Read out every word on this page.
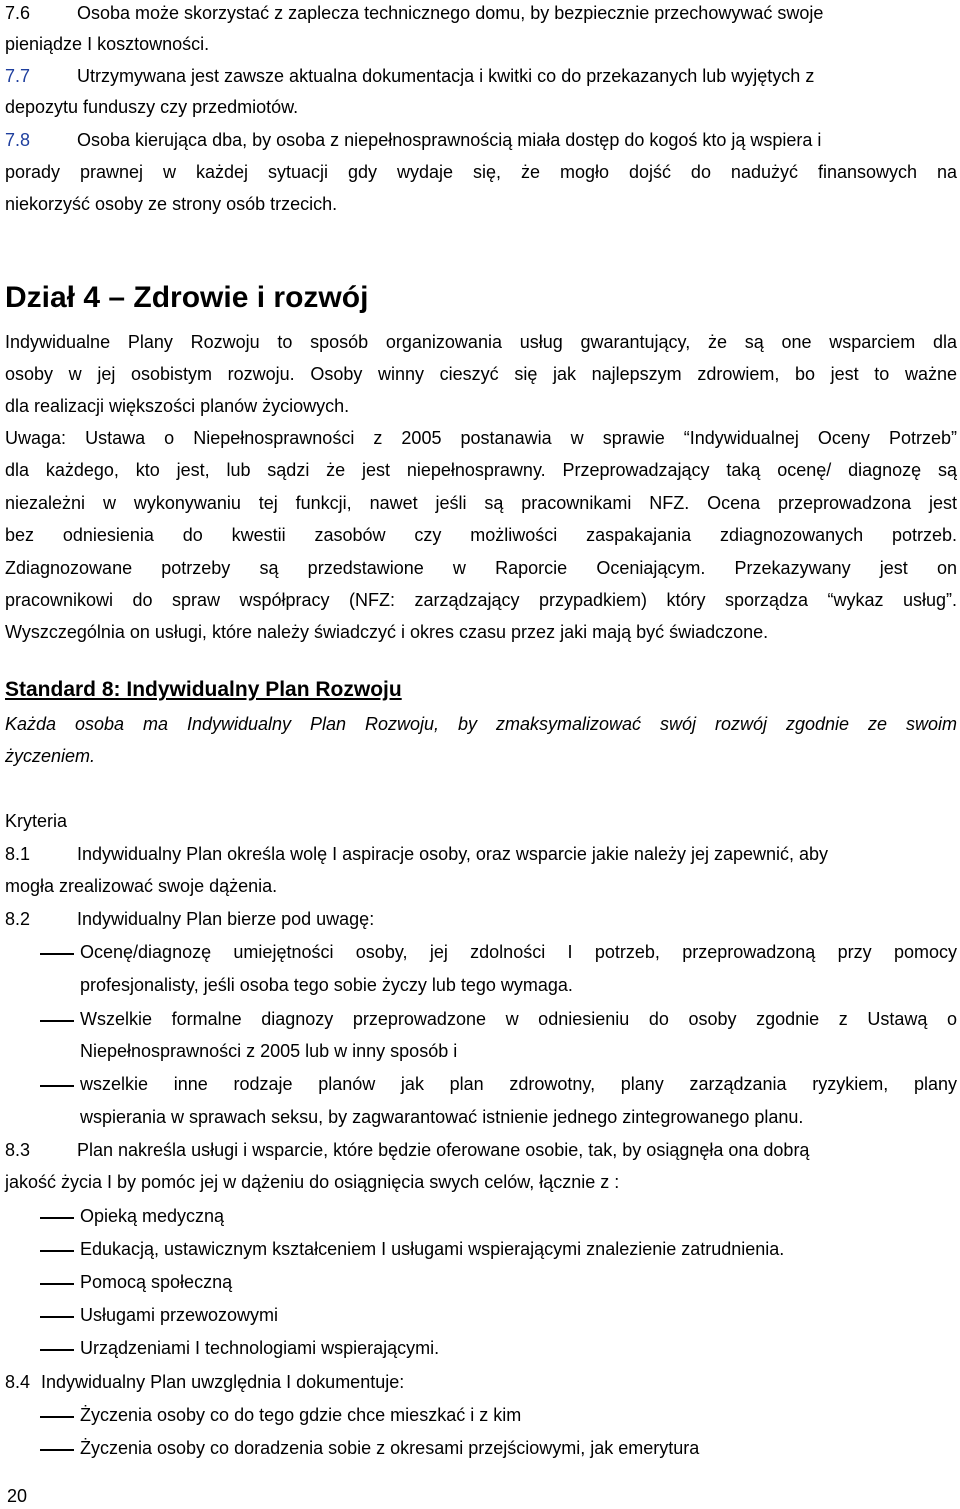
7.6	Osoba może skorzystać z zaplecza technicznego domu, by bezpiecznie przechowywać swoje
pieniądze I kosztowności.
7.7	Utrzymywana jest zawsze aktualna dokumentacja i kwitki co do przekazanych lub wyjętych z
depozytu funduszy czy przedmiotów.
7.8	Osoba kierująca dba, by osoba z niepełnosprawnością miała dostęp do kogoś kto ją wspiera i
porady prawnej w każdej sytuacji gdy wydaje się, że mogło dojść do nadużyć finansowych na
niekorzyść osoby ze strony osób trzecich.
Dział 4 – Zdrowie i rozwój
Indywidualne Plany Rozwoju to sposób organizowania usług gwarantujący, że są one wsparciem dla
osoby w jej osobistym rozwoju. Osoby winny cieszyć się jak najlepszym zdrowiem, bo jest to ważne
dla realizacji większości planów życiowych.
Uwaga: Ustawa o Niepełnosprawności z 2005 postanawia w sprawie “Indywidualnej Oceny Potrzeb”
dla każdego, kto jest, lub sądzi że jest niepełnosprawny. Przeprowadzający taką ocenę/ diagnozę są
niezależni w wykonywaniu tej funkcji, nawet jeśli są pracownikami NFZ. Ocena przeprowadzona jest
bez odniesienia do kwestii zasobów czy możliwości zaspakajania zdiagnozowanych potrzeb.
Zdiagnozowane potrzeby są przedstawione w Raporcie Oceniającym. Przekazywany jest on
pracownikowi do spraw współpracy (NFZ: zarządzający przypadkiem) który sporządza “wykaz usług”.
Wyszczególnia on usługi, które należy świadczyć i okres czasu przez jaki mają być świadczone.
Standard 8: Indywidualny Plan Rozwoju
Każda osoba ma Indywidualny Plan Rozwoju, by zmaksymalizować swój rozwój zgodnie ze swoim
życzeniem.
Kryteria
8.1	Indywidualny Plan określa wolę I aspiracje osoby, oraz wsparcie jakie należy jej zapewnić, aby
mogła zrealizować swoje dążenia.
8.2	Indywidualny Plan bierze pod uwagę:
Ocenę/diagnozę umiejętności osoby, jej zdolności I potrzeb, przeprowadzoną przy pomocy
profesjonalisty, jeśli osoba tego sobie życzy lub tego wymaga.
Wszelkie formalne diagnozy przeprowadzone w odniesieniu do osoby zgodnie z Ustawą o
Niepełnosprawności z 2005 lub w inny sposób i
wszelkie inne rodzaje planów jak plan zdrowotny, plany zarządzania ryzykiem, plany
wspierania w sprawach seksu, by zagwarantować istnienie jednego zintegrowanego planu.
8.3	Plan nakreśla usługi i wsparcie, które będzie oferowane osobie, tak, by osiągnęła ona dobrą
jakość życia I by pomóc jej w dążeniu do osiągnięcia swych celów, łącznie z :
Opieką medyczną
Edukacją, ustawicznym kształceniem I usługami wspierającymi znalezienie zatrudnienia.
Pomocą społeczną
Usługami przewozowymi
Urządzeniami I technologiami wspierającymi.
8.4 Indywidualny Plan uwzględnia I dokumentuje:
Życzenia osoby co do tego gdzie chce mieszkać i z kim
Życzenia osoby co doradzenia sobie z okresami przejściowymi, jak emerytura
20
